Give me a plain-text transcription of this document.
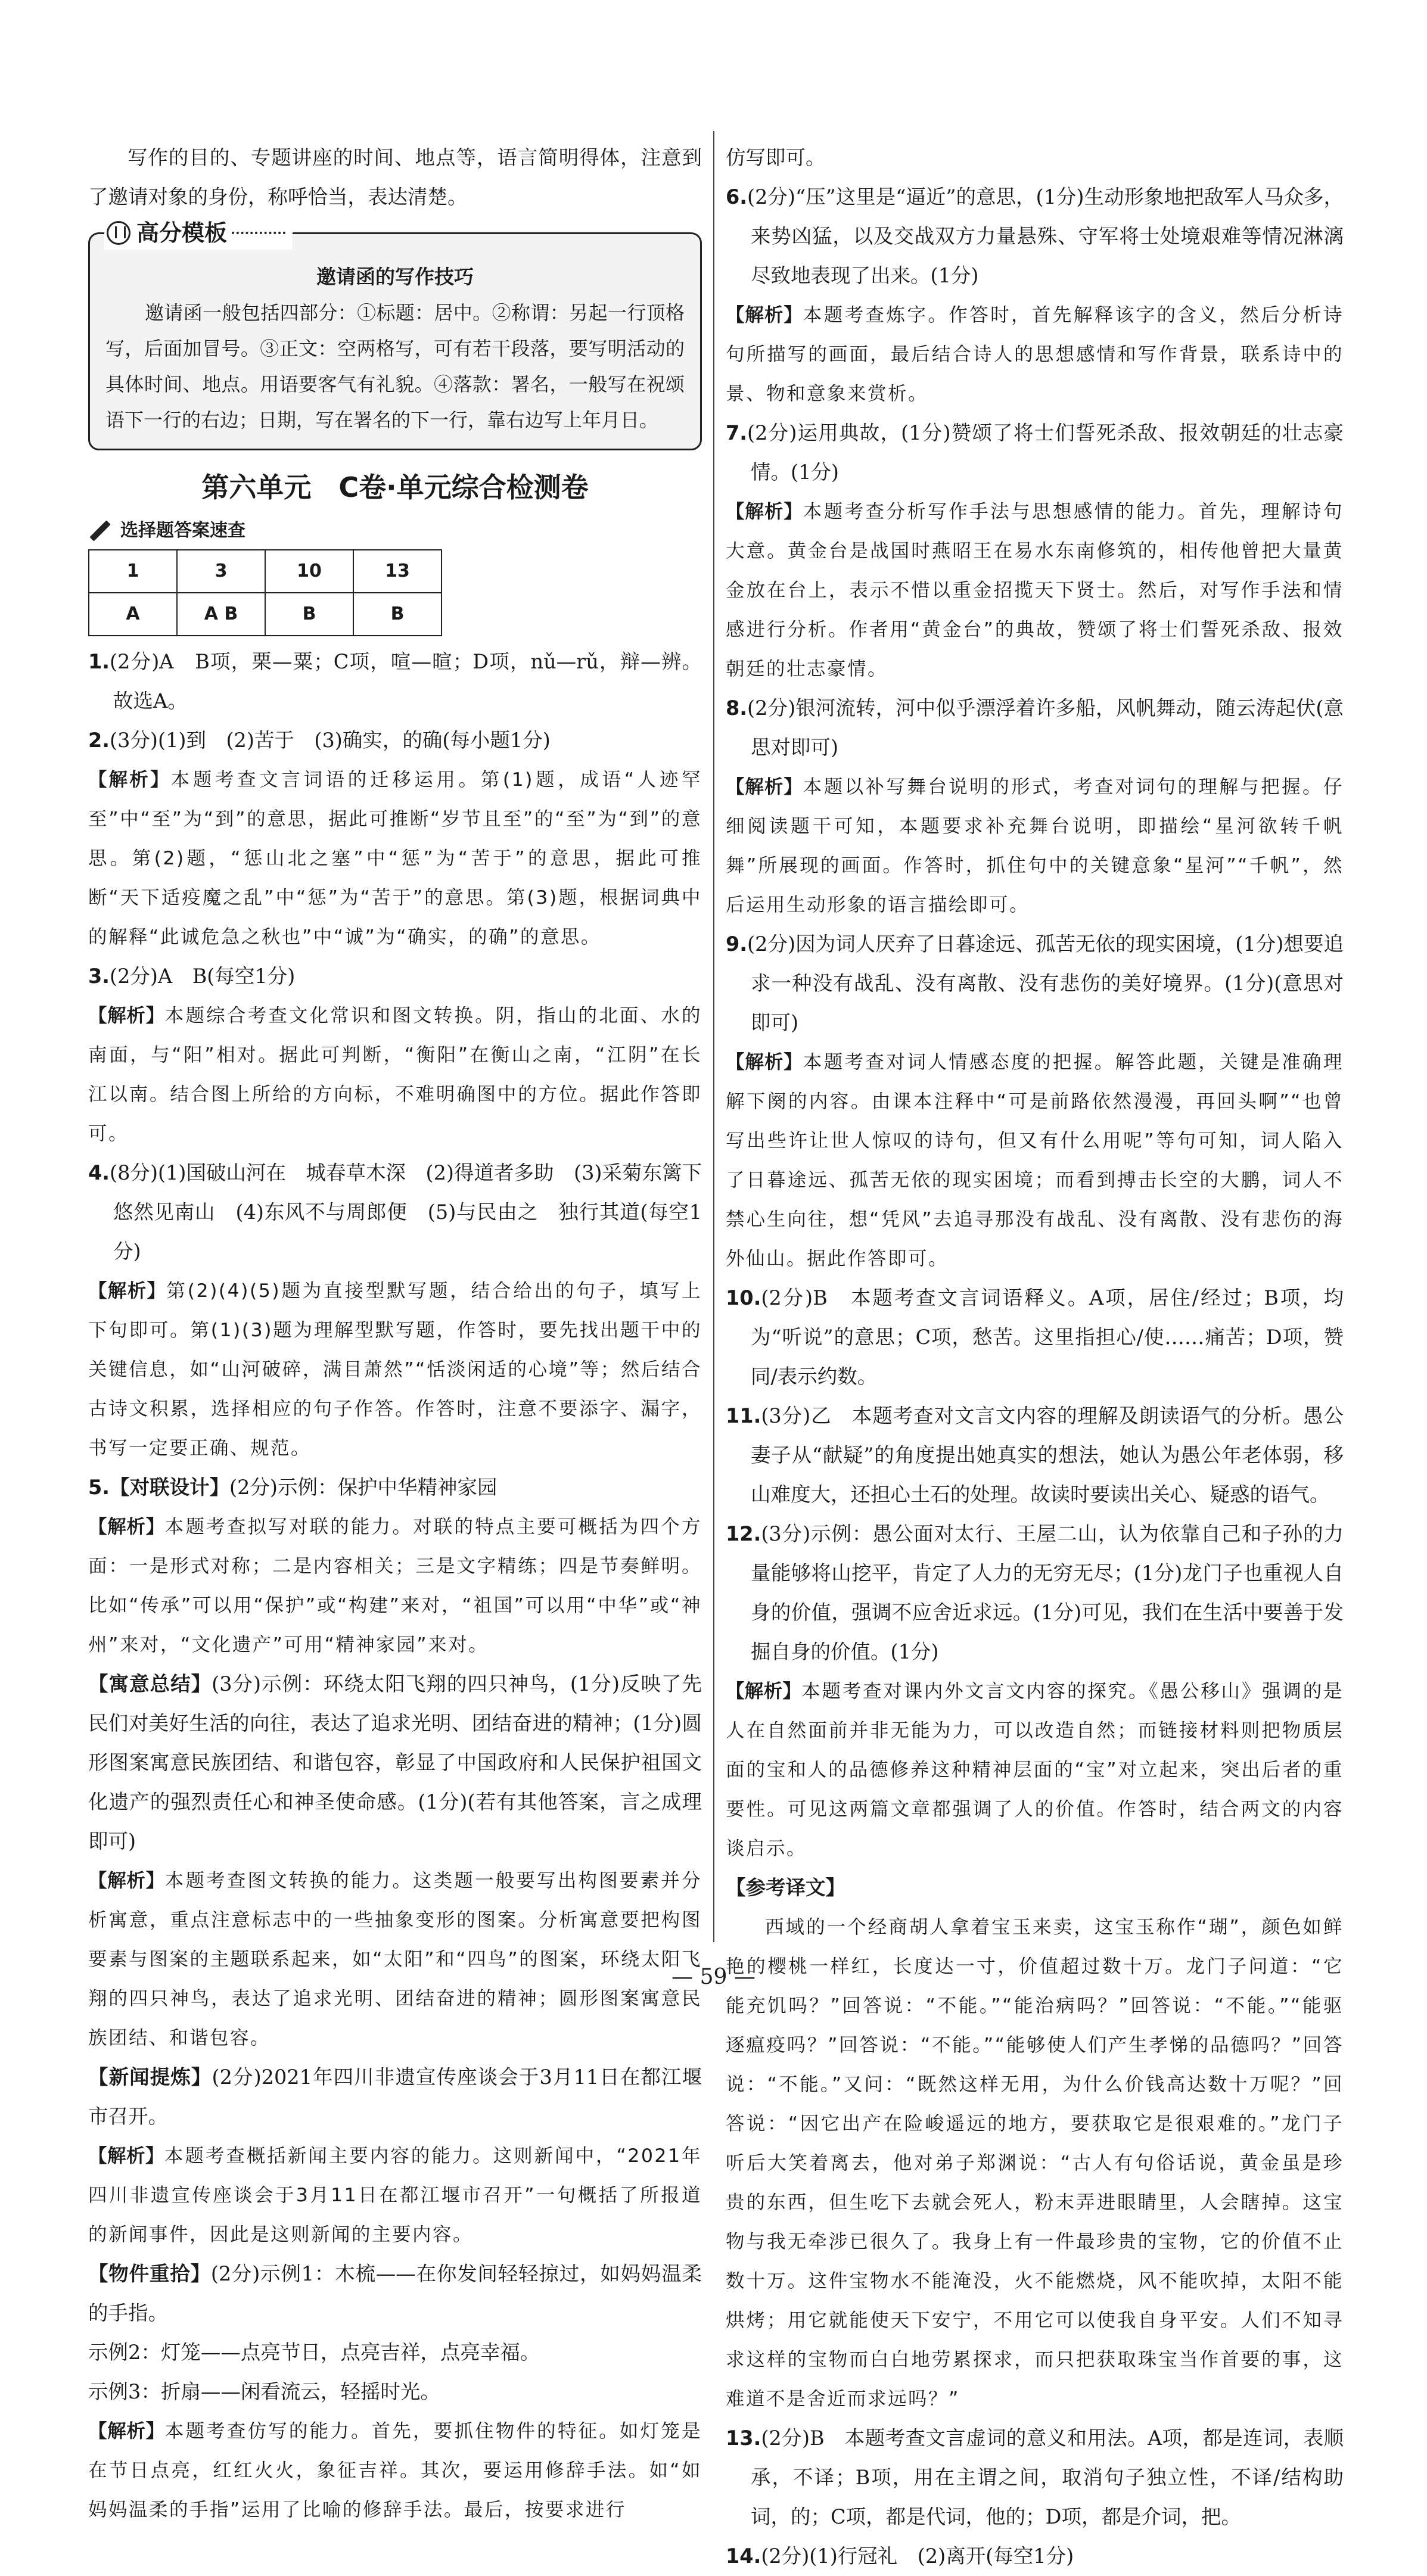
写作的目的、专题讲座的时间、地点等，语言简明得体，注意到了邀请对象的身份，称呼恰当，表达清楚。

高分模板
邀请函的写作技巧

邀请函一般包括四部分：①标题：居中。②称谓：另起一行顶格写，后面加冒号。③正文：空两格写，可有若干段落，要写明活动的具体时间、地点。用语要客气有礼貌。④落款：署名，一般写在祝颂语下一行的右边；日期，写在署名的下一行，靠右边写上年月日。

第六单元　C卷·单元综合检测卷
选择题答案速查
1	3	10	13
A	A B	B	B

1.(2分)A　B项，栗—粟；C项，喧—暄；D项，nǔ—rǔ，辩—辨。故选A。

2.(3分)(1)到　(2)苦于　(3)确实，的确(每小题1分)

【解析】本题考查文言词语的迁移运用。第(1)题，成语“人迹罕至”中“至”为“到”的意思，据此可推断“岁节且至”的“至”为“到”的意思。第(2)题，“惩山北之塞”中“惩”为“苦于”的意思，据此可推断“天下适疫魔之乱”中“惩”为“苦于”的意思。第(3)题，根据词典中的解释“此诚危急之秋也”中“诚”为“确实，的确”的意思。

3.(2分)A　B(每空1分)

【解析】本题综合考查文化常识和图文转换。阴，指山的北面、水的南面，与“阳”相对。据此可判断，“衡阳”在衡山之南，“江阴”在长江以南。结合图上所给的方向标，不难明确图中的方位。据此作答即可。

4.(8分)(1)国破山河在　城春草木深　(2)得道者多助　(3)采菊东篱下　悠然见南山　(4)东风不与周郎便　(5)与民由之　独行其道(每空1分)

【解析】第(2)(4)(5)题为直接型默写题，结合给出的句子，填写上下句即可。第(1)(3)题为理解型默写题，作答时，要先找出题干中的关键信息，如“山河破碎，满目萧然”“恬淡闲适的心境”等；然后结合古诗文积累，选择相应的句子作答。作答时，注意不要添字、漏字，书写一定要正确、规范。

5.【对联设计】(2分)示例：保护中华精神家园

【解析】本题考查拟写对联的能力。对联的特点主要可概括为四个方面：一是形式对称；二是内容相关；三是文字精练；四是节奏鲜明。比如“传承”可以用“保护”或“构建”来对，“祖国”可以用“中华”或“神州”来对，“文化遗产”可用“精神家园”来对。

【寓意总结】(3分)示例：环绕太阳飞翔的四只神鸟，(1分)反映了先民们对美好生活的向往，表达了追求光明、团结奋进的精神；(1分)圆形图案寓意民族团结、和谐包容，彰显了中国政府和人民保护祖国文化遗产的强烈责任心和神圣使命感。(1分)(若有其他答案，言之成理即可)

【解析】本题考查图文转换的能力。这类题一般要写出构图要素并分析寓意，重点注意标志中的一些抽象变形的图案。分析寓意要把构图要素与图案的主题联系起来，如“太阳”和“四鸟”的图案，环绕太阳飞翔的四只神鸟，表达了追求光明、团结奋进的精神；圆形图案寓意民族团结、和谐包容。

【新闻提炼】(2分)2021年四川非遗宣传座谈会于3月11日在都江堰市召开。

【解析】本题考查概括新闻主要内容的能力。这则新闻中，“2021年四川非遗宣传座谈会于3月11日在都江堰市召开”一句概括了所报道的新闻事件，因此是这则新闻的主要内容。

【物件重拾】(2分)示例1：木梳——在你发间轻轻掠过，如妈妈温柔的手指。

示例2：灯笼——点亮节日，点亮吉祥，点亮幸福。

示例3：折扇——闲看流云，轻摇时光。

【解析】本题考查仿写的能力。首先，要抓住物件的特征。如灯笼是在节日点亮，红红火火，象征吉祥。其次，要运用修辞手法。如“如妈妈温柔的手指”运用了比喻的修辞手法。最后，按要求进行

仿写即可。

6.(2分)“压”这里是“逼近”的意思，(1分)生动形象地把敌军人马众多，来势凶猛，以及交战双方力量悬殊、守军将士处境艰难等情况淋漓尽致地表现了出来。(1分)

【解析】本题考查炼字。作答时，首先解释该字的含义，然后分析诗句所描写的画面，最后结合诗人的思想感情和写作背景，联系诗中的景、物和意象来赏析。

7.(2分)运用典故，(1分)赞颂了将士们誓死杀敌、报效朝廷的壮志豪情。(1分)

【解析】本题考查分析写作手法与思想感情的能力。首先，理解诗句大意。黄金台是战国时燕昭王在易水东南修筑的，相传他曾把大量黄金放在台上，表示不惜以重金招揽天下贤士。然后，对写作手法和情感进行分析。作者用“黄金台”的典故，赞颂了将士们誓死杀敌、报效朝廷的壮志豪情。

8.(2分)银河流转，河中似乎漂浮着许多船，风帆舞动，随云涛起伏(意思对即可)

【解析】本题以补写舞台说明的形式，考查对词句的理解与把握。仔细阅读题干可知，本题要求补充舞台说明，即描绘“星河欲转千帆舞”所展现的画面。作答时，抓住句中的关键意象“星河”“千帆”，然后运用生动形象的语言描绘即可。

9.(2分)因为词人厌弃了日暮途远、孤苦无依的现实困境，(1分)想要追求一种没有战乱、没有离散、没有悲伤的美好境界。(1分)(意思对即可)

【解析】本题考查对词人情感态度的把握。解答此题，关键是准确理解下阕的内容。由课本注释中“可是前路依然漫漫，再回头啊”“也曾写出些许让世人惊叹的诗句，但又有什么用呢”等句可知，词人陷入了日暮途远、孤苦无依的现实困境；而看到搏击长空的大鹏，词人不禁心生向往，想“凭风”去追寻那没有战乱、没有离散、没有悲伤的海外仙山。据此作答即可。

10.(2分)B　本题考查文言词语释义。A项，居住/经过；B项，均为“听说”的意思；C项，愁苦。这里指担心/使……痛苦；D项，赞同/表示约数。

11.(3分)乙　本题考查对文言文内容的理解及朗读语气的分析。愚公妻子从“献疑”的角度提出她真实的想法，她认为愚公年老体弱，移山难度大，还担心土石的处理。故读时要读出关心、疑惑的语气。

12.(3分)示例：愚公面对太行、王屋二山，认为依靠自己和子孙的力量能够将山挖平，肯定了人力的无穷无尽；(1分)龙门子也重视人自身的价值，强调不应舍近求远。(1分)可见，我们在生活中要善于发掘自身的价值。(1分)

【解析】本题考查对课内外文言文内容的探究。《愚公移山》强调的是人在自然面前并非无能为力，可以改造自然；而链接材料则把物质层面的宝和人的品德修养这种精神层面的“宝”对立起来，突出后者的重要性。可见这两篇文章都强调了人的价值。作答时，结合两文的内容谈启示。

【参考译文】

西域的一个经商胡人拿着宝玉来卖，这宝玉称作“瑚”，颜色如鲜艳的樱桃一样红，长度达一寸，价值超过数十万。龙门子问道：“它能充饥吗？”回答说：“不能。”“能治病吗？”回答说：“不能。”“能驱逐瘟疫吗？”回答说：“不能。”“能够使人们产生孝悌的品德吗？”回答说：“不能。”又问：“既然这样无用，为什么价钱高达数十万呢？”回答说：“因它出产在险峻遥远的地方，要获取它是很艰难的。”龙门子听后大笑着离去，他对弟子郑渊说：“古人有句俗话说，黄金虽是珍贵的东西，但生吃下去就会死人，粉末弄进眼睛里，人会瞎掉。这宝物与我无牵涉已很久了。我身上有一件最珍贵的宝物，它的价值不止数十万。这件宝物水不能淹没，火不能燃烧，风不能吹掉，太阳不能烘烤；用它就能使天下安宁，不用它可以使我自身平安。人们不知寻求这样的宝物而白白地劳累探求，而只把获取珠宝当作首要的事，这难道不是舍近而求远吗？”

13.(2分)B　本题考查文言虚词的意义和用法。A项，都是连词，表顺承，不译；B项，用在主谓之间，取消句子独立性，不译/结构助词，的；C项，都是代词，他的；D项，都是介词，把。

14.(2分)(1)行冠礼　(2)离开(每空1分)

— 59 —
